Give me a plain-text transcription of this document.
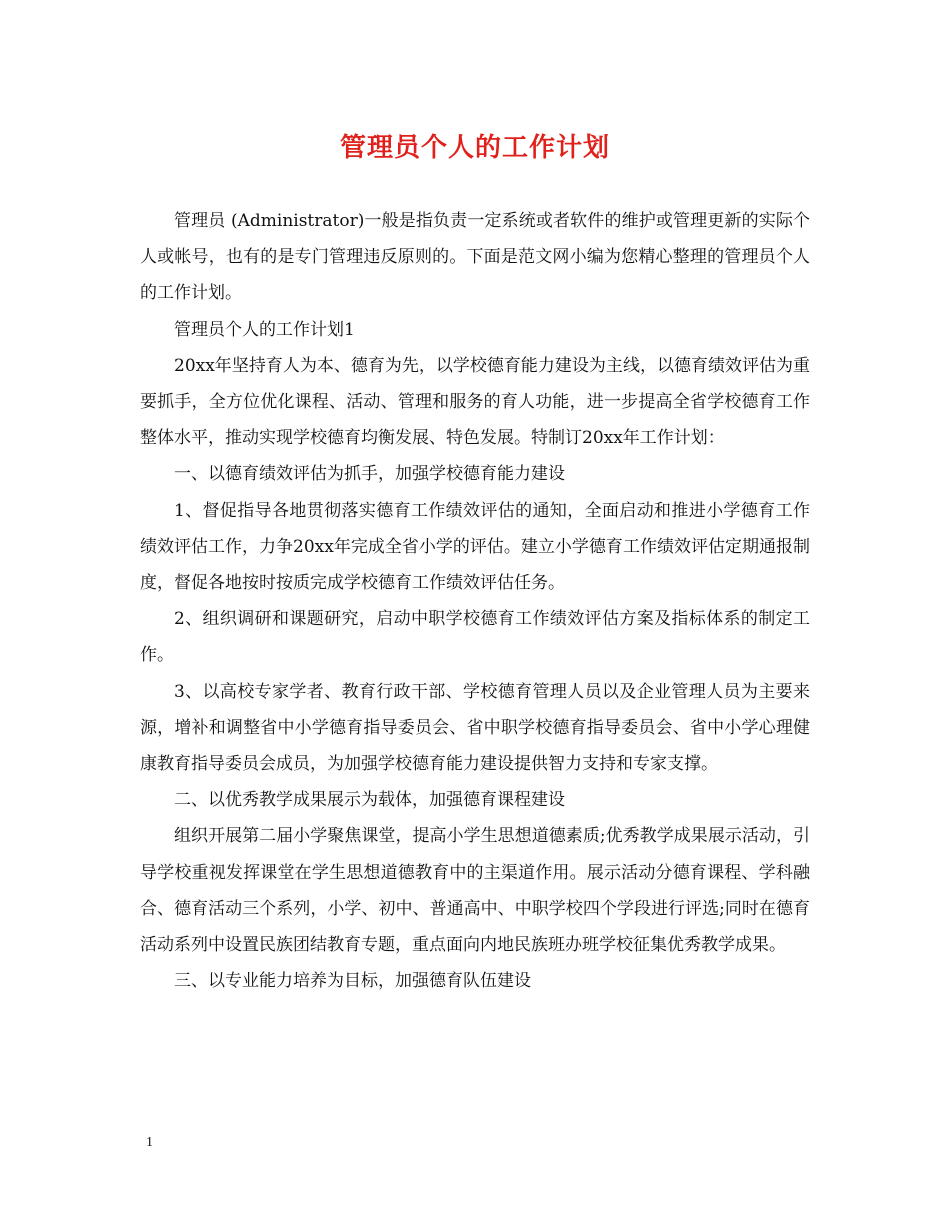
管理员个人的工作计划

管理员 (Administrator)一般是指负责一定系统或者软件的维护或管理更新的实际个人或帐号，也有的是专门管理违反原则的。下面是范文网小编为您精心整理的管理员个人的工作计划。

管理员个人的工作计划1

20xx年坚持育人为本、德育为先，以学校德育能力建设为主线，以德育绩效评估为重要抓手，全方位优化课程、活动、管理和服务的育人功能，进一步提高全省学校德育工作整体水平，推动实现学校德育均衡发展、特色发展。特制订20xx年工作计划：

一、以德育绩效评估为抓手，加强学校德育能力建设

1、督促指导各地贯彻落实德育工作绩效评估的通知，全面启动和推进小学德育工作绩效评估工作，力争20xx年完成全省小学的评估。建立小学德育工作绩效评估定期通报制度，督促各地按时按质完成学校德育工作绩效评估任务。

2、组织调研和课题研究，启动中职学校德育工作绩效评估方案及指标体系的制定工作。

3、以高校专家学者、教育行政干部、学校德育管理人员以及企业管理人员为主要来源，增补和调整省中小学德育指导委员会、省中职学校德育指导委员会、省中小学心理健康教育指导委员会成员，为加强学校德育能力建设提供智力支持和专家支撑。

二、以优秀教学成果展示为载体，加强德育课程建设

组织开展第二届小学聚焦课堂，提高小学生思想道德素质;优秀教学成果展示活动，引导学校重视发挥课堂在学生思想道德教育中的主渠道作用。展示活动分德育课程、学科融合、德育活动三个系列，小学、初中、普通高中、中职学校四个学段进行评选;同时在德育活动系列中设置民族团结教育专题，重点面向内地民族班办班学校征集优秀教学成果。

三、以专业能力培养为目标，加强德育队伍建设

1
